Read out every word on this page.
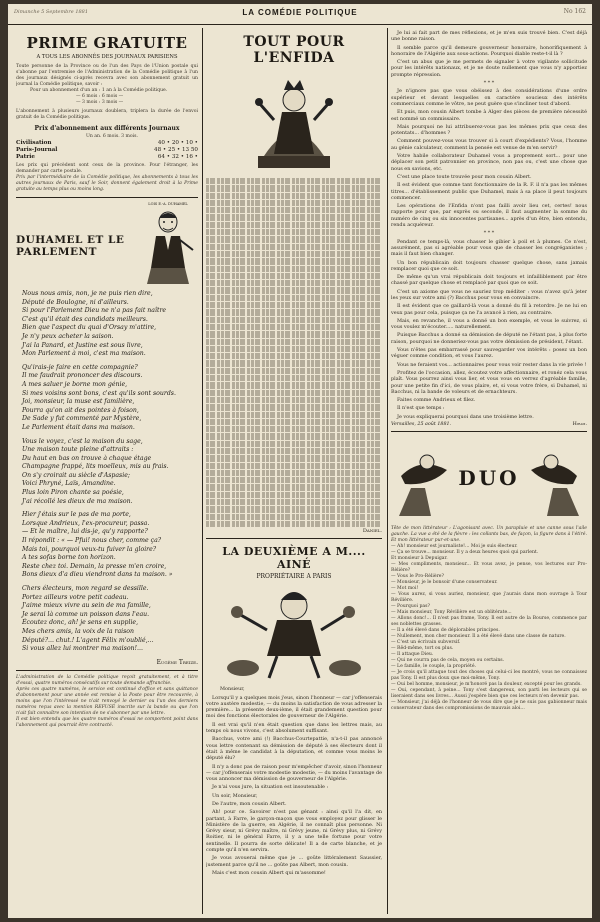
Dimanche 5 Septembre 1881	LA COMÉDIE POLITIQUE	No 162
PRIME GRATUITE
A TOUS LES ABONNÉS DES JOURNAUX PARISIENS
Toute personne de la Province ou de l'un des Pays de l'Union postale qui s'abonne par l'entremise de l'Administration de la Comédie politique à l'un des journaux désignés ci-après recevra avec son abonnement gratuit un journal la Comédie politique, savoir :
Pour un abonnement d'un an : 1 an à la Comédie politique.
— 6 mois : 6 mois —
— 3 mois : 3 mois —
L'abonnement à plusieurs journaux doublera, triplera la durée de l'envoi gratuit de la Comédie politique.
Prix d'abonnement aux différents Journaux
Un an. 6 mois. 3 mois.
Civilisation	40 • 20 • 10 •
Paris-Journal	48 • 25 • 13 50
Patrie	64 • 32 • 16 •
Les prix qui précèdent sont ceux de la province. Pour l'étranger, les demander par carte postale.
Prix par l'intermédiaire de la Comédie politique, les abonnements à tous les autres journaux de Paris, sauf le Soir, donnent également droit à la Prime gratuite au temps plus ou moins long.
DUHAMEL ET LE PARLEMENT
LOIS E.-A. DUHAMEL
Nous nous amis, non, je ne puis rien dire,
Député de Boulogne, ni d'ailleurs.
Si pour l'Parlement Dieu ne n'a pas fait naître
C'est qu'il était des candidats meilleurs.
Bien que l'aspect du quai d'Orsay m'attire,
Je n'y peux acheter la saison.
J'ai la Panard, et Justine est sous livre,
Mon Parlement à moi, c'est ma maison.
Qu'irais-je faire en cette compagnie?
Il me faudrait prononcer des discours.
A mes saluer je borne mon génie,
Si mes voisins sont bons, c'est qu'ils sont sourds.
Joi, monsieur, la muse est familière,
Pourra qu'on ait des pointes à foison,
De Sade y fut commenté par Mystère,
Le Parlement était dans ma maison.
Vous le voyez, c'est la maison du sage,
Une maison toute pleine d'attraits :
Du haut en bas on trouve à chaque étage
Champagne frappé, lits moelleux, mis au frais.
On s'y croirait au siècle d'Aspasie;
Voici Phryné, Laïs, Amandine.
Plus loin Piron chante sa poésie,
J'ai récollé les dieux de ma maison.
Hier j'étais sur le pas de ma porte,
Lorsque Andrieux, l'ex-procureur, passa.
— Et le maître, lui dis-je, qu'y rapporte?
Il répondit : « — Pfui! nous cher, comme ça?
Mais toi, pourquoi veux-tu fuiver la gloire?
A tes sofas borne ton horizon.
Reste chez toi. Demain, la presse m'en croire,
Bons dieux d'a dieu viendront dans ta maison. »
Chers électeurs, mon regard se dessille.
Portez ailleurs votre petit cadeau.
J'aime mieux vivre au sein de ma famille,
Je serai là comme un poisson dans l'eau.
Écoutez donc, ah! je sens en supplie,
Mes chers amis, la voix de la raison
Député?... chut.! L'agent Fêlix m'oublié,...
Si vous allez lui montrer ma maison!...
Eugène Treize.
L'administration de la Comédie politique reçoit gratuitement, et à titre d'essai, quatre numéros consécutifs sur toute demande affranchie.
Après ces quatre numéros, le service est continué d'office et sans quittance d'abonnement pour une année est remise à la Poste pour être recouvrée, à moins que l'on l'intéressé ne n'ait renvoyé le dernier ou l'un des derniers numéros reçus avec la mention REFUSÉ inscrite sur la bande ou que l'on n'ait fait connaître son intention de ne s'abonner par une lettre.
Il est bien entendu que les quatre numéros d'essai ne comportent point dans l'abonnement qui pourrait être contracté.
TOUT POUR L'ENFIDA
Daniel.
LA DEUXIÈME A M.... AINÉ
PROPRIÉTAIRE A PARIS

Monsieur,

Lorsqu'il y a quelques mois j'eus, sinon l'honneur — car j'offenserais votre austère modestie, — du moins la satisfaction de vous adresser la première... la présente deux-ième, il était grandement question pour moi des fonctions électorales de gouverneur de l'Algérie.

Il est vrai qu'il n'en était question que dans les lettres mais, au temps où nous vivons, c'est absolument suffisant.

Bacchus, votre ami (!) Bacchus-Courtepattie, n'a-t-il pas annoncé vous lettre contenant sa démission de député à ses électeurs dont il était à même le candidat à la députation, et comme vous moins le député élu?

Il n'y a donc pas de raison pour m'empêcher d'avoir, sinon l'honneur — car j'offenserais votre modestie modestie, — du moins l'avantage de vous annoncer ma démission de gouverneur de l'Algérie.

Je n'ai vous jure, la situation est insoutenable :

Un soir, Monsieur,

De l'autre, mon cousin Albert.

Ah! pour ce. Savoirer n'est pas génant : ainsi qu'il l'a dit, en partant, à Farre, le garçon-maçon que vous employez pour glisser le Ministère de la guerre, en Algérie, il ne connaît plus personne. Ni Grévy sieur, ni Grévy maître, ni Grévy jeune, ni Grévy plus, ni Grévy Roitier, ni le général Farre, il y a une telle fortune pour votre sentinelle. Il pourra de sorte délicate! Il a de carte blanche, et je compte qu'il n'en servira.

Je vous avouerai même que je ... goûte littéralement Saussier, justement parce qu'il ne ... goûte pas Albert, mon cousin.

Mais c'est mon cousin Albert qui m'assomme!

Je lui ai fait part de mes réflexions, et je m'en suis trouvé bien. C'est déjà une bonne raison.

Il semble parce qu'il demeure gouverneur honoraire, honorifiquement à honoraire de l'Algérie aux sous-actions. Pourquoi diable reste-t-il là ?

C'est un abus que je me permets de signaler à votre vigilante sollicitude pour les intérêts nationaux, et je ne doute nullement que vous n'y apportiez prompte répression.

* * *

Je n'ignore pas que vous obéissez à des considérations d'une ordre supérieur et devant lesquelles on caractère soucieux des intérêts commerciaux comme le vôtre, ne peut guère que s'incliner tout d'abord.

Et puis, mon cousin Albert tombe à Alger des pièces de première nécessité est nommé un commissaire.

Mais pourquoi ne lui attribuerez-vous pas les mêmes prix que ceux des potentats... d'hommes ?

Comment pouvez-vous vous trouver si à court d'expédients? Vous, l'homme au génie calculateur, comment la pensée est venue de m'en servir?

Votre habile collaborateur Duhamel vous a proprement sort... pour une déplacer son petit patronnier en province, non pas ou, c'est une chose que nous en savions, etc.

C'est une place toute trouvée pour mon cousin Albert.

Il est évident que comme tant fonctionnaire de la R. F. il n'a pas les mêmes titres... d'établissement public que Duhamel, mais à sa place il peut toujours commencer.

Les opérations de l'Enfida n'ont pas failli avoir lieu cet, certes! nous rapporte pour que, par exprès ou seconde, il faut augmenter la somme du numéro de cinq ou six innocentes partisanes... après d'un être, bien entendu, rendu acquéreur.

* * *

Pendant ce temps-là, vous chasser le gibier à poil et à plumes. Ce n'est, assurément, pas si agréable pour vous que de chasser les congréganistes ; mais il faut bien changer.

Un bon républicain doit toujours chasser quelque chose, sans jamais remplacer quoi que ce soit.

De même qu'un vrai républicain doit toujours et infailliblement par être chassé par quelque chose et remplacé par quoi que ce soit.

C'est un axiome que vous ne sauriez trop méditer : vous n'avez qu'à jeter les yeux sur votre ami (?) Bacchus pour vous en convaincre.

Il est évident que ce gaillard-là vous a donné du fil à retordre. Je ne lui en veux pas pour cela, puisque ça ne l'a avancé à rien, au contraire.

Mais, en revanche, il vous a donné un bon exemple, et vous le suivrez, si vous voulez m'écouter..... naturellement.

Puisque Bacchus a donné sa démission de député ne l'étant pas, à plus forte raison, pourquoi ne donneriez-vous pas votre démission de président, l'étant.

Vous n'êtes pas embarrassé pour sauvegarder vos intérêts : posez un bon véguer comme condition, et vous l'aurez.

Vous ne feraient vos... actionnaires pour vous voir rester dans la vie privée !

Profitez de l'occasion, allez, écoutez votre affectionnaire, et ronéz cela vous plaît. Vous pourrez ainsi vous lier, et vous vous en verrez d'agréable famille, pour une petite fin d'ici, de vous plaire, et, si vous votre frère, si Duhamel, ni Bacchus, ni la bande de voleurs et de ernachteurs.

Faites comme Andrieux et filez.

Il n'est que temps :

Je vous expliquerai pourquoi dans une troisième lettre.

Versailles, 25 août 1881.	Hiram.
DUO
Tête de mon littérateur : L'agonisant avec. Un parapluie et une canne sous l'aile gauche. La vue a été de la fièvre : les collants bas, de façon, la figure dans à l'étiré. Et mon littérateur pur-et-une.
— Ah! monsieur est journaliste!... Moi je suis électeur.
— Ça se trouve... monsieur. Il y a deux heures quoi qui parlent.
Et monsieur à Depuigar.
— Mes compliments, monsieur... Et vous avez, je pense, vos lectures sur Pro-Rèlière?
— Vous le Pro-Rèlière?
— Monsieur, je le bonsoir d'une conservateur.
— Mot moi!
— Vous aurez, si vous auriez, monsieur, que j'aurais dans mon ouvrage à Tour Révilière.
— Pourquoi pas?
— Mais monsieur, Tony Révilière est un oblitérate...
— Allons donc!... Il n'est pas frame, Tony. Il est autre de la Bourse, commence par ses noblettes grasses.
— Il a été élevé dans de déplorables principes.
— Nullement, mon cher monsieur. Il a été élevé dans une classe de nature.
— C'est un écrivain subversif.
— Rêd-même, tort ou plus.
— Il attaque Dieu.
— Qui ne courra pas de cela, moyen ou certains.
— Le famille, le couple, la propriété.
— Je crois qu'il attaque tout des choses qui celui-ci les montré, vous ne connaissez pas Tony. Il est plus doux que moi-même, Tony.
— Oui bel homme, monsieur, je m'honoré pas la douleur, excepté pour les grands.
— Oui, cependant, à peine... Tony s'est dangereux, son parti les lecteurs qui se liseraient dans ses livres... Aussi j'espère bien que ces lecteurs n'en devenir pas.
— Monsieur, j'ai déjà de l'honneur de vous dire que je ne suis pas gabionneur mais conservateur dans des compromissions de mauvais aloi...
